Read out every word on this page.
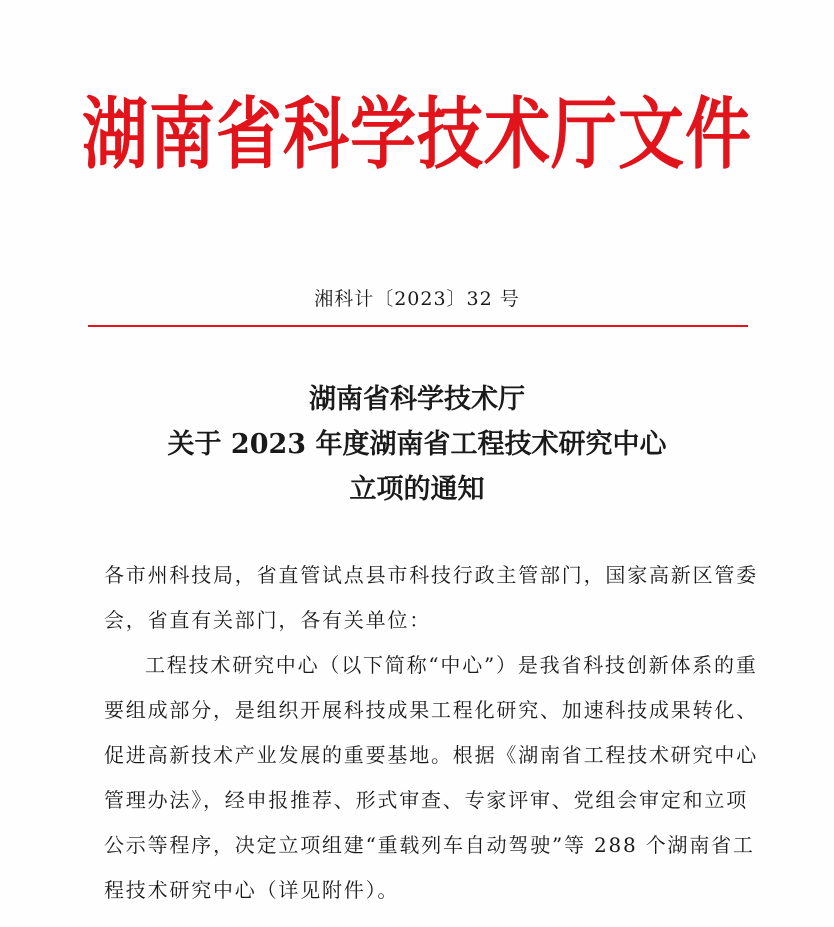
湖南省科学技术厅文件
湘科计〔2023〕32 号
湖南省科学技术厅
关于 2023 年度湖南省工程技术研究中心
立项的通知

各市州科技局，省直管试点县市科技行政主管部门，国家高新区管委会，省直有关部门，各有关单位：

工程技术研究中心（以下简称“中心”）是我省科技创新体系的重要组成部分，是组织开展科技成果工程化研究、加速科技成果转化、促进高新技术产业发展的重要基地。根据《湖南省工程技术研究中心管理办法》，经申报推荐、形式审查、专家评审、党组会审定和立项公示等程序，决定立项组建“重载列车自动驾驶”等 288 个湖南省工程技术研究中心（详见附件）。
